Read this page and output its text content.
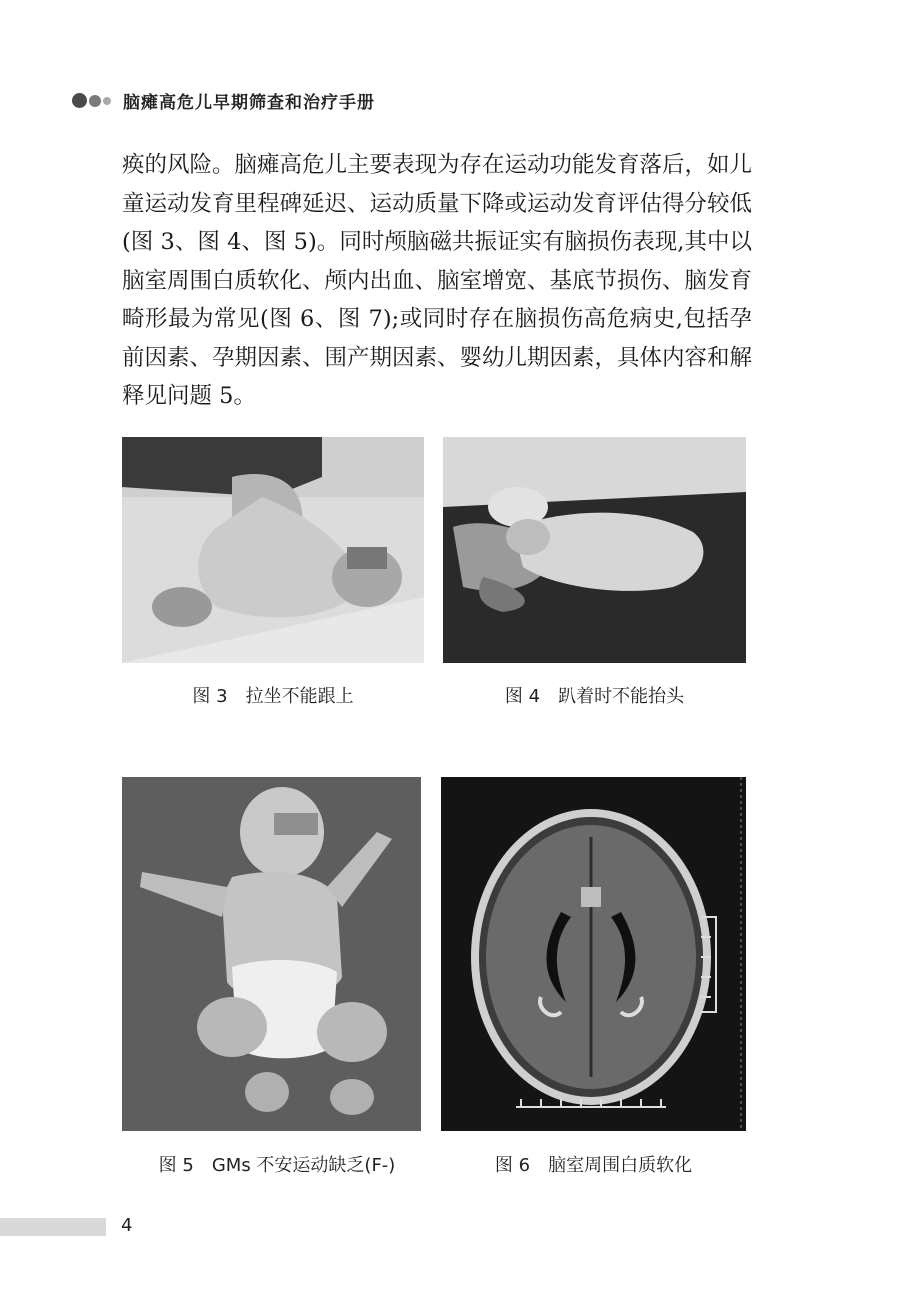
脑瘫高危儿早期筛查和治疗手册

痪的风险。脑瘫高危儿主要表现为存在运动功能发育落后，如儿童运动发育里程碑延迟、运动质量下降或运动发育评估得分较低(图 3、图 4、图 5)。同时颅脑磁共振证实有脑损伤表现,其中以脑室周围白质软化、颅内出血、脑室增宽、基底节损伤、脑发育畸形最为常见(图 6、图 7);或同时存在脑损伤高危病史,包括孕前因素、孕期因素、围产期因素、婴幼儿期因素，具体内容和解释见问题 5。

图 3　拉坐不能跟上	图 4　趴着时不能抬头
图 5　GMs 不安运动缺乏(F-)	图 6　脑室周围白质软化
4
